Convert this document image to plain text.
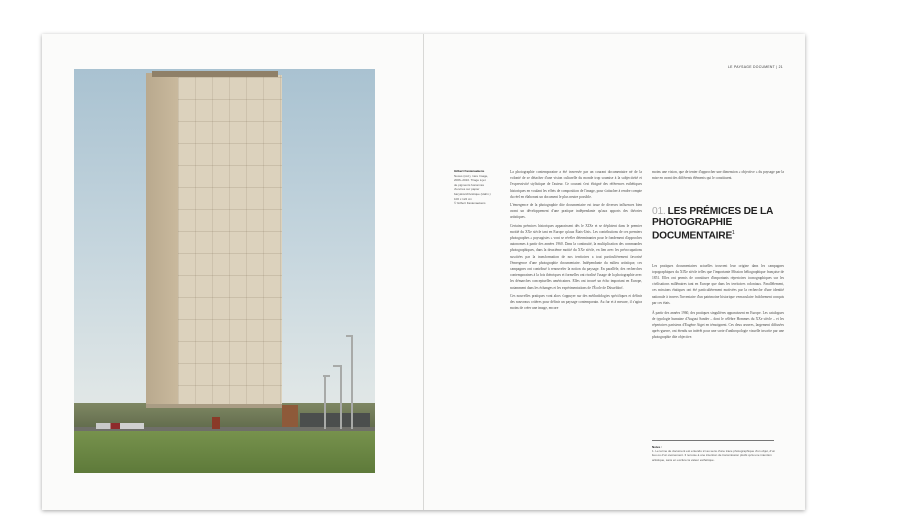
LE PAYSAGE DOCUMENT | 21
Gilbert Fastenaekens
Noces (réd.), 1ère Image,
2006–2010. Tirage à jet
de pigments fusionnés
d'encres sur papier
baryté/archivistique (Hahn.)
100 x 122 cm
© Gilbert Fastenaekens

La photographie contemporaine a été traversée par un courant documentaire né de la volonté de se détacher d'une vision culturelle du monde trop soumise à la subjectivité et l'expressivité stylistique de l'auteur. Ce courant s'est éloigné des références esthétiques historiques en voulant les effets de composition de l'image, pour s'attacher à rendre compte du réel en élaborant un document le plus neutre possible.

L'émergence de la photographie dite documentaire est issue de diverses influences bien avant un développement d'une pratique indépendante qu'aux apports des théories artistiques.

Certains prémices historiques apparaissent dès le XIXe et se déploient dans le premier moitié du XXe siècle tant en Europe qu'aux États-Unis. Les contributions de ces premiers photographes « paysagistes » vont se révéler déterminantes pour le fondement d'approches autonomes à partir des années 1960. Dans la continuité, la multiplication des commandes photographiques, dans la deuxième moitié du XXe siècle, en lien avec les préoccupations suscitées par la transformation de nos territoires a tout particulièrement favorisé l'émergence d'une photographie documentaire. Indépendante du milieu artistique, ces campagnes ont contribué à renouveler la notion du paysage. En parallèle, des recherches contemporaines à la fois théoriques et formelles ont rivalisé l'usage de la photographie avec les démarches conceptuelles américaines. Elles ont trouvé un écho important en Europe, notamment dans les échanges et les expérimentations de l'École de Düsseldorf.

Ces nouvelles pratiques vont alors s'appuyer sur des méthodologies spécifiques et définir des nouveaux critères pour définir un paysage contemporain. Au fur et à mesure, il s'agira moins de créer une image, encore

moins une vision, que de tenter d'approcher une dimension « objective » du paysage par la mise en avant des différents éléments qui le constituent.

01. LES PRÉMICES DE LA PHOTOGRAPHIE DOCUMENTAIRE$^1$

Les pratiques documentaires actuelles trouvent leur origine dans les campagnes topographiques du XIXe siècle telles que l'importante Mission héliographique française de 1851. Elles ont permis de constituer d'importants répertoires iconographiques sur les civilisations millénaires tant en Europe que dans les territoires coloniaux. Parallèlement, ces missions étatiques ont été particulièrement motivées par la recherche d'une identité nationale à travers l'inventaire d'un patrimoine historique vernaculaire fraîchement conquis par ces états.

À partir des années 1960, des pratiques singulières apparaissent en Europe. Les catalogues de typologie humaine d'August Sander – dont le célèbre Hommes du XXe siècle – et les répertoires parisiens d'Eugène Atget en témoignent. Ces deux œuvres, largement diffusées après-guerre, ont étendu un intérêt pour une sorte d'anthropologie visuelle inscrite par une photographie dite objective.

Notes :
1. Le terme de document est entendu ici au sens d'une trace photographique d'un objet, d'un lieu ou d'un événement. Il renvoie à une intention de transmission plutôt qu'à une intention artistique, sans en exclure la valeur esthétique.
